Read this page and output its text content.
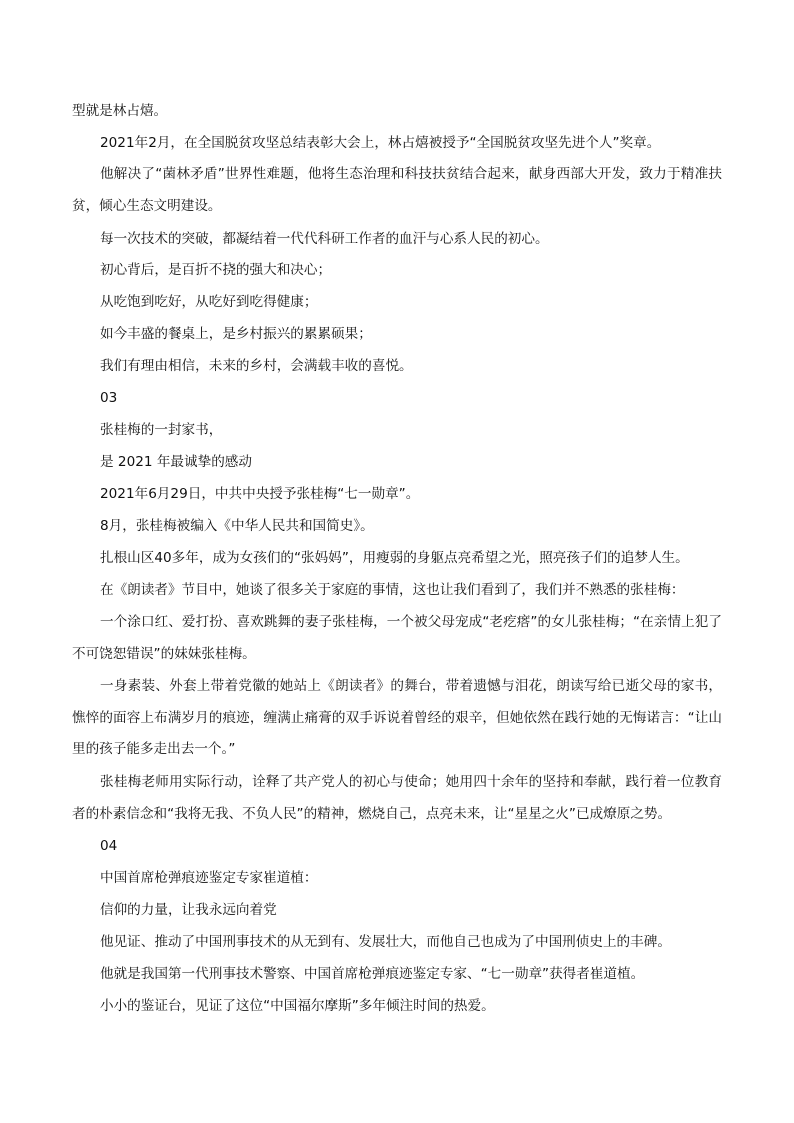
型就是林占熺。

2021年2月，在全国脱贫攻坚总结表彰大会上，林占熺被授予“全国脱贫攻坚先进个人”奖章。

他解决了“菌林矛盾”世界性难题，他将生态治理和科技扶贫结合起来，献身西部大开发，致力于精准扶贫，倾心生态文明建设。

每一次技术的突破，都凝结着一代代科研工作者的血汗与心系人民的初心。

初心背后，是百折不挠的强大和决心；

从吃饱到吃好，从吃好到吃得健康；

如今丰盛的餐桌上，是乡村振兴的累累硕果；

我们有理由相信，未来的乡村，会满载丰收的喜悦。

03

张桂梅的一封家书，

是 2021 年最诚挚的感动

2021年6月29日，中共中央授予张桂梅“七一勋章”。

8月，张桂梅被编入《中华人民共和国简史》。

扎根山区40多年，成为女孩们的“张妈妈”，用瘦弱的身躯点亮希望之光，照亮孩子们的追梦人生。

在《朗读者》节目中，她谈了很多关于家庭的事情，这也让我们看到了，我们并不熟悉的张桂梅：

一个涂口红、爱打扮、喜欢跳舞的妻子张桂梅，一个被父母宠成“老疙瘩”的女儿张桂梅；“在亲情上犯了不可饶恕错误”的妹妹张桂梅。

一身素装、外套上带着党徽的她站上《朗读者》的舞台，带着遗憾与泪花，朗读写给已逝父母的家书，憔悴的面容上布满岁月的痕迹，缠满止痛膏的双手诉说着曾经的艰辛，但她依然在践行她的无悔诺言：“让山里的孩子能多走出去一个。”

张桂梅老师用实际行动，诠释了共产党人的初心与使命；她用四十余年的坚持和奉献，践行着一位教育者的朴素信念和“我将无我、不负人民”的精神，燃烧自己，点亮未来，让“星星之火”已成燎原之势。

04

中国首席枪弹痕迹鉴定专家崔道植：

信仰的力量，让我永远向着党

他见证、推动了中国刑事技术的从无到有、发展壮大，而他自己也成为了中国刑侦史上的丰碑。

他就是我国第一代刑事技术警察、中国首席枪弹痕迹鉴定专家、“七一勋章”获得者崔道植。

小小的鉴证台，见证了这位“中国福尔摩斯”多年倾注时间的热爱。
